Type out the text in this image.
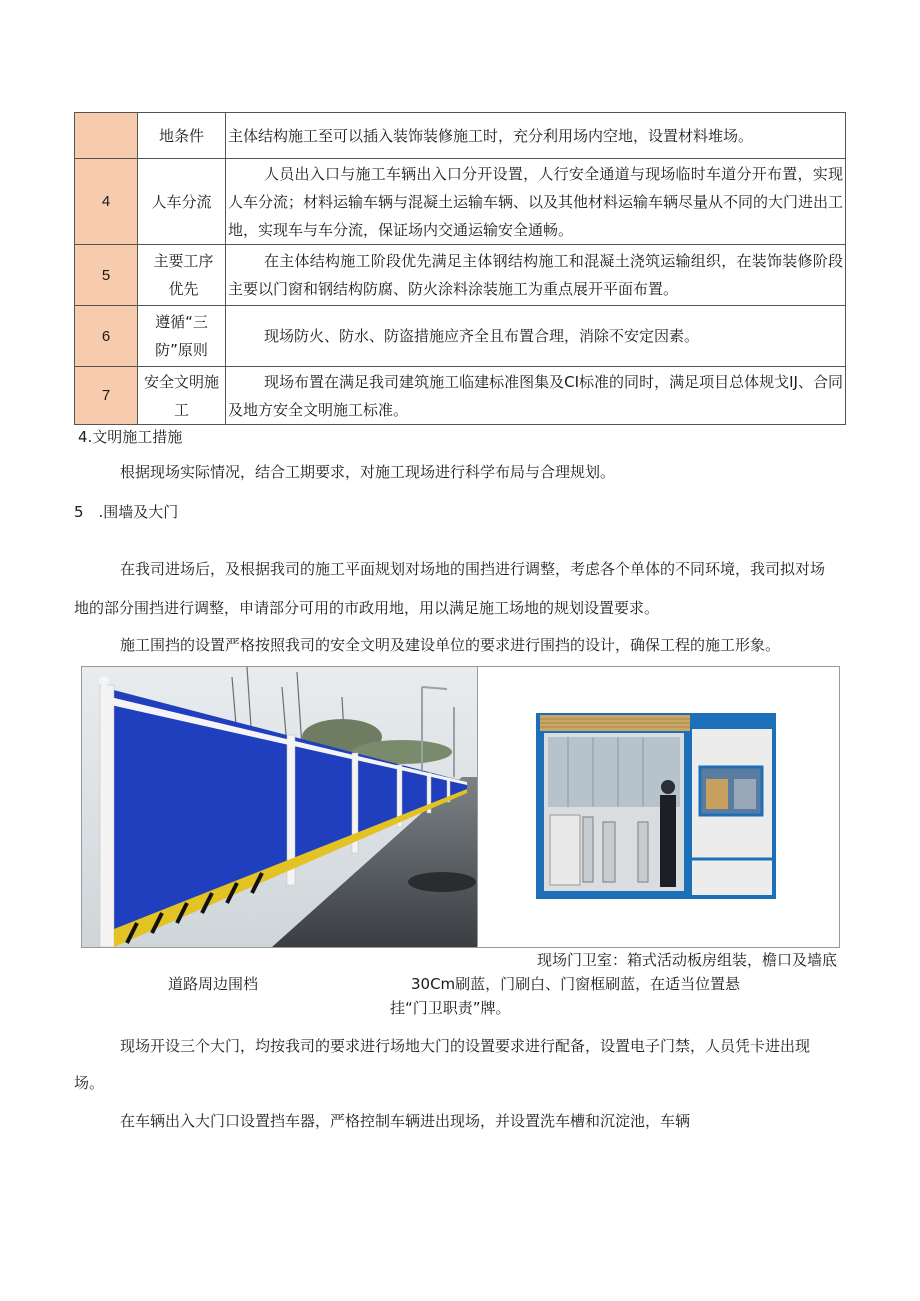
	地条件	主体结构施工至可以插入装饰装修施工时，充分利用场内空地，设置材料堆场。
4	人车分流	人员出入口与施工车辆出入口分开设置，人行安全通道与现场临时车道分开布置，实现人车分流；材料运输车辆与混凝土运输车辆、以及其他材料运输车辆尽量从不同的大门进出工地，实现车与车分流，保证场内交通运输安全通畅。

5	主要工序优先	在主体结构施工阶段优先满足主体钢结构施工和混凝土浇筑运输组织，在装饰装修阶段主要以门窗和钢结构防腐、防火涂料涂装施工为重点展开平面布置。

6	遵循“三防”原则	现场防火、防水、防盗措施应齐全且布置合理，消除不安定因素。

7	安全文明施工	现场布置在满足我司建筑施工临建标准图集及CI标准的同时，满足项目总体规戈IJ、合同及地方安全文明施工标准。
4.文明施工措施
根据现场实际情况，结合工期要求，对施工现场进行科学布局与合理规划。
5　.围墙及大门
在我司进场后，及根据我司的施工平面规划对场地的围挡进行调整，考虑各个单体的不同环境，我司拟对场
地的部分围挡进行调整，申请部分可用的市政用地，用以满足施工场地的规划设置要求。
施工围挡的设置严格按照我司的安全文明及建设单位的要求进行围挡的设计，确保工程的施工形象。
现场门卫室：箱式活动板房组装，檐口及墙底
道路周边围档	30Cm刷蓝，门刷白、门窗框刷蓝，在适当位置悬
挂“门卫职责”牌。
现场开设三个大门，均按我司的要求进行场地大门的设置要求进行配备，设置电子门禁，人员凭卡进出现
场。
在车辆出入大门口设置挡车器，严格控制车辆进出现场，并设置洗车槽和沉淀池，车辆
